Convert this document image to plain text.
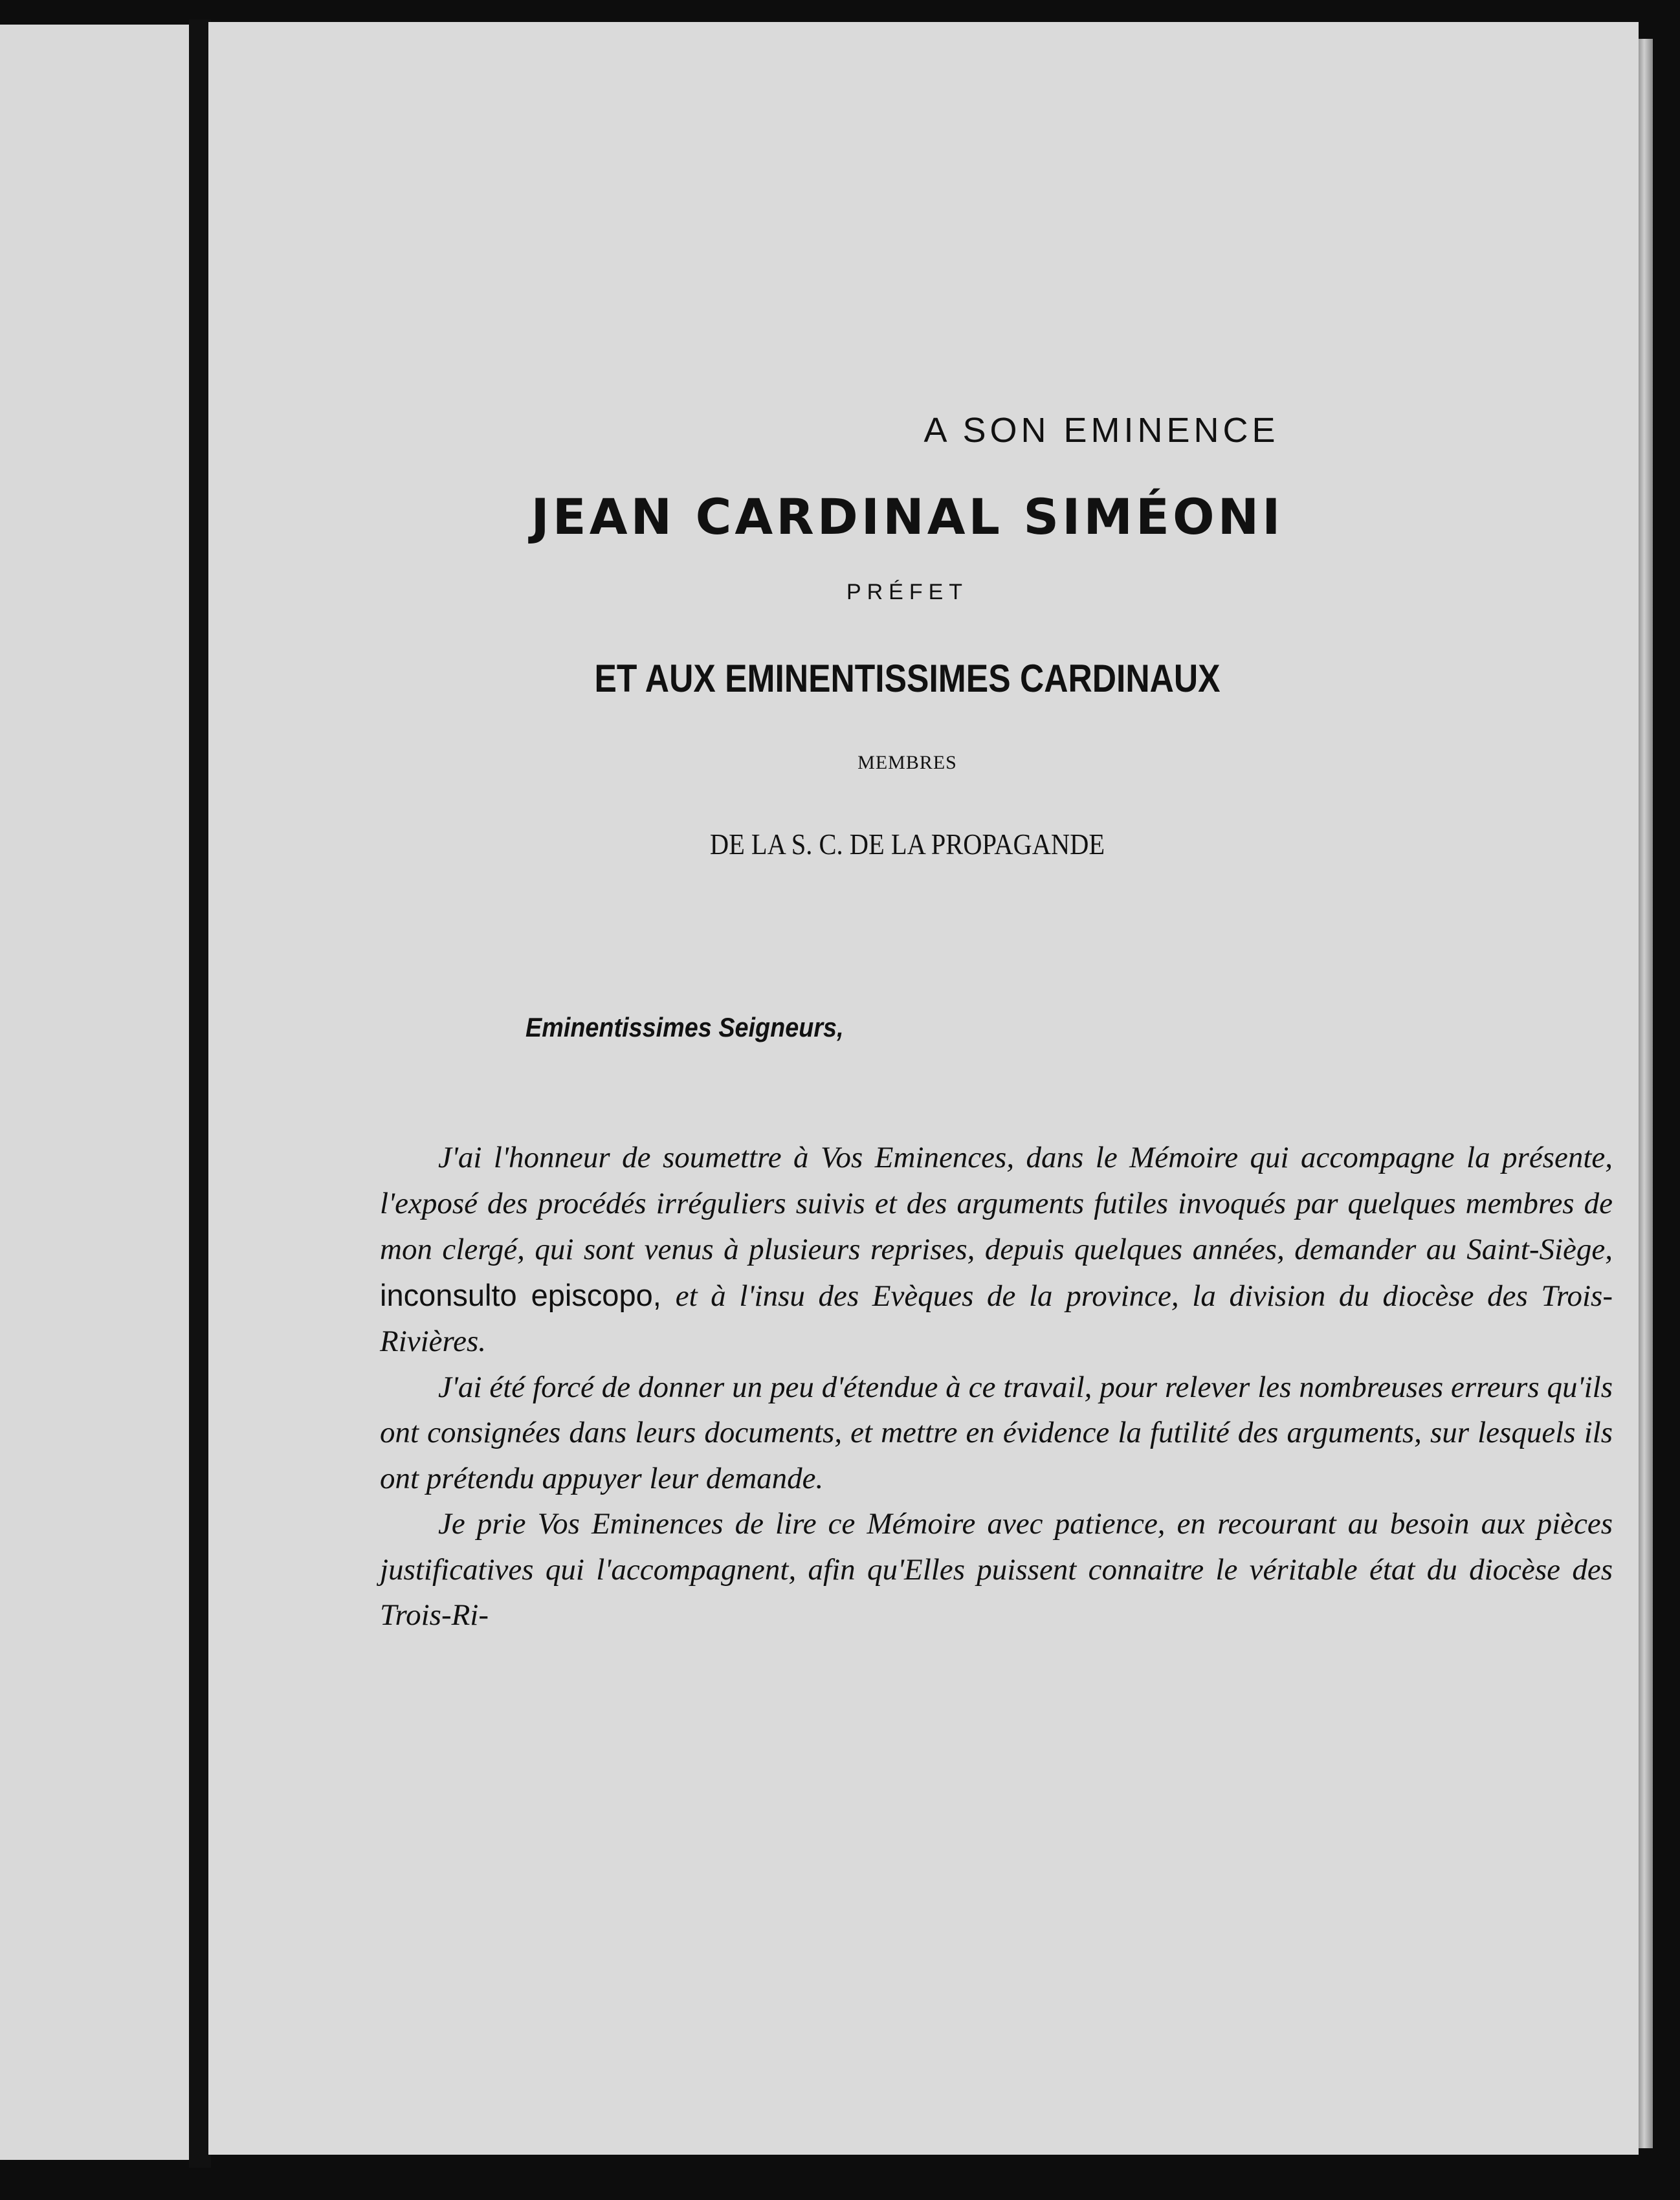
A SON EMINENCE
JEAN CARDINAL SIMÉONI
PRÉFET
ET AUX EMINENTISSIMES CARDINAUX
MEMBRES
DE LA S. C. DE LA PROPAGANDE
Eminentissimes Seigneurs,

J'ai l'honneur de soumettre à Vos Eminences, dans le Mémoire qui accompagne la présente, l'exposé des procédés irréguliers suivis et des arguments futiles invoqués par quelques membres de mon clergé, qui sont venus à plusieurs reprises, depuis quelques années, demander au Saint-Siège, inconsulto episcopo, et à l'insu des Evèques de la province, la division du diocèse des Trois-Rivières.

J'ai été forcé de donner un peu d'étendue à ce travail, pour relever les nombreuses erreurs qu'ils ont consignées dans leurs documents, et mettre en évidence la futilité des arguments, sur lesquels ils ont prétendu appuyer leur demande.

Je prie Vos Eminences de lire ce Mémoire avec patience, en recourant au besoin aux pièces justificatives qui l'accompagnent, afin qu'Elles puissent connaitre le véritable état du diocèse des Trois-Ri-
